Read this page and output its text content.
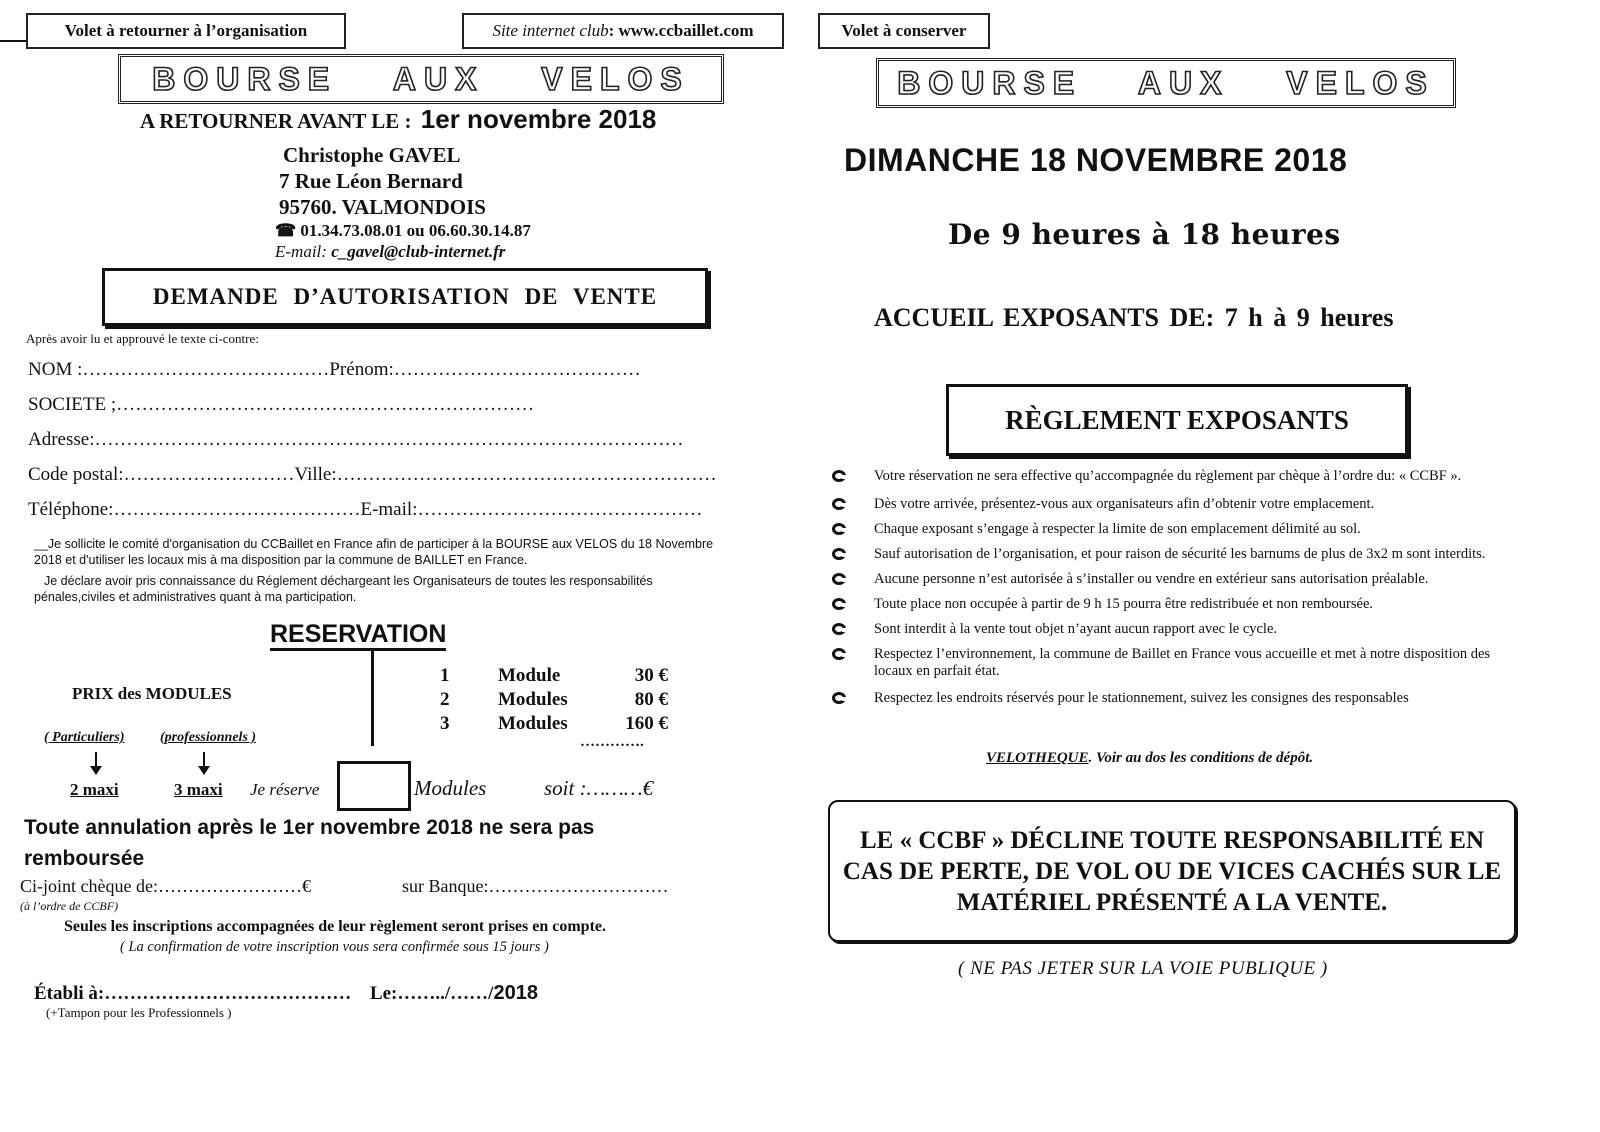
Volet à retourner à l’organisation	Site internet club: www.ccbaillet.com
BOURSE AUX VELOS
A RETOURNER AVANT LE : 1er novembre 2018
Christophe GAVEL
7 Rue Léon Bernard
95760. VALMONDOIS
☎ 01.34.73.08.01 ou 06.60.30.14.87
E-mail: c_gavel@club-internet.fr
DEMANDE D’AUTORISATION DE VENTE
Après avoir lu et approuvé le texte ci-contre:
NOM :…………………………………Prénom:…………………………………
SOCIETE ;…………………………………………………………
Adresse:…………………………………………………………………………………
Code postal:………………………Ville:……………………………………………………
Téléphone:…………………………………E-mail:………………………………………
__Je sollicite le comité d'organisation du CCBaillet en France afin de participer à la BOURSE aux VELOS du 18 Novembre 2018 et d'utiliser les locaux mis à ma disposition par la commune de BAILLET en France.
Je déclare avoir pris connaissance du Réglement déchargeant les Organisateurs de toutes les responsabilités pénales,civiles et administratives quant à ma participation.
RESERVATION
PRIX des MODULES
1	Module	30 €
2	Modules	80 €
3	Modules	160 €
………….
( Particuliers)	(professionnels )
2 maxi	3 maxi Je réserve	Modules	soit :………€
Toute annulation après le 1er novembre 2018 ne sera pas remboursée
Ci-joint chèque de:……………………€	sur Banque:…………………………
(à l’ordre de CCBF)
Seules les inscriptions accompagnées de leur règlement seront prises en compte.
( La confirmation de votre inscription vous sera confirmée sous 15 jours )
Établi à:………………………………… Le:……../……/2018
(+Tampon pour les Professionnels )
Volet à conserver
BOURSE AUX VELOS
DIMANCHE 18 NOVEMBRE 2018
De 9 heures à 18 heures
ACCUEIL EXPOSANTS DE: 7 h à 9 heures
RÈGLEMENT EXPOSANTS
Votre réservation ne sera effective qu’accompagnée du règlement par chèque à l’ordre du: « CCBF ».
Dès votre arrivée, présentez-vous aux organisateurs afin d’obtenir votre emplacement.
Chaque exposant s’engage à respecter la limite de son emplacement délimité au sol.
Sauf autorisation de l’organisation, et pour raison de sécurité les barnums de plus de 3x2 m sont interdits.
Aucune personne n’est autorisée à s’installer ou vendre en extérieur sans autorisation préalable.
Toute place non occupée à partir de 9 h 15 pourra être redistribuée et non remboursée.
Sont interdit à la vente tout objet n’ayant aucun rapport avec le cycle.
Respectez l’environnement, la commune de Baillet en France vous accueille et met à notre disposition des locaux en parfait état.
Respectez les endroits réservés pour le stationnement, suivez les consignes des responsables
VELOTHEQUE. Voir au dos les conditions de dépôt.
LE « CCBF » DÉCLINE TOUTE RESPONSABILITÉ EN CAS DE PERTE, DE VOL OU DE VICES CACHÉS SUR LE MATÉRIEL PRÉSENTÉ A LA VENTE.
( NE PAS JETER SUR LA VOIE PUBLIQUE )
